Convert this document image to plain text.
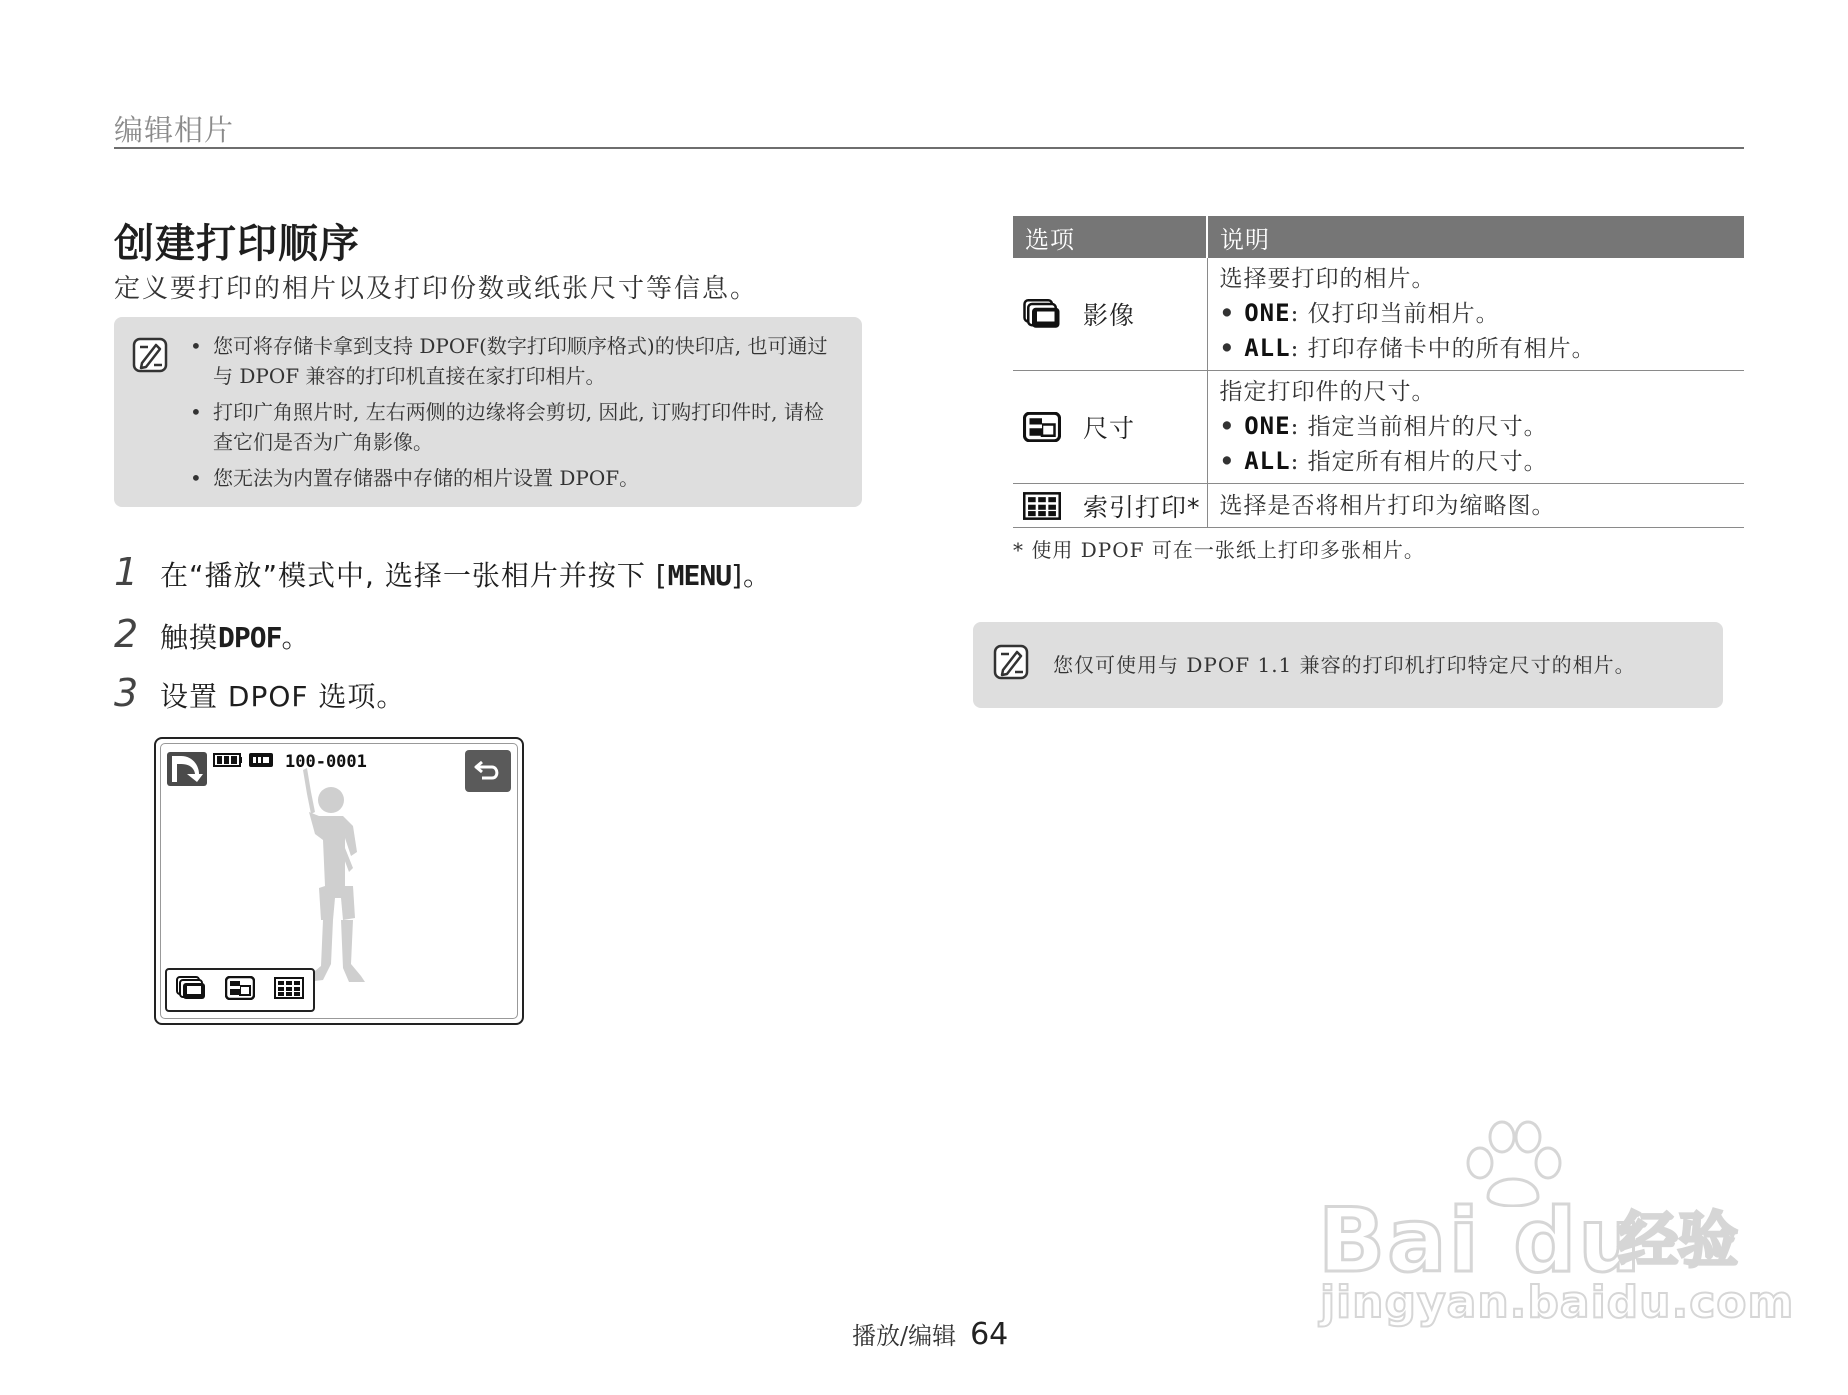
编辑相片
创建打印顺序
定义要打印的相片以及打印份数或纸张尺寸等信息。
• 您可将存储卡拿到支持 DPOF(数字打印顺序格式)的快印店, 也可通过与 DPOF 兼容的打印机直接在家打印相片。
• 打印广角照片时, 左右两侧的边缘将会剪切, 因此, 订购打印件时, 请检查它们是否为广角影像。
• 您无法为内置存储器中存储的相片设置 DPOF。
1 在“播放”模式中, 选择一张相片并按下 [ MENU ]。
2 触摸 DPOF 。
3 设置 DPOF 选项。
100-0001
选项	说明

影像	选择要打印的相片。
• ONE: 仅打印当前相片。
• ALL: 打印存储卡中的所有相片。

尺寸	指定打印件的尺寸。
• ONE: 指定当前相片的尺寸。
• ALL: 指定所有相片的尺寸。

索引打印*	选择是否将相片打印为缩略图。
* 使用 DPOF 可在一张纸上打印多张相片。
您仅可使用与 DPOF 1.1 兼容的打印机打印特定尺寸的相片。
播放/编辑 64
Bai du
经验
jingyan.baidu.com
